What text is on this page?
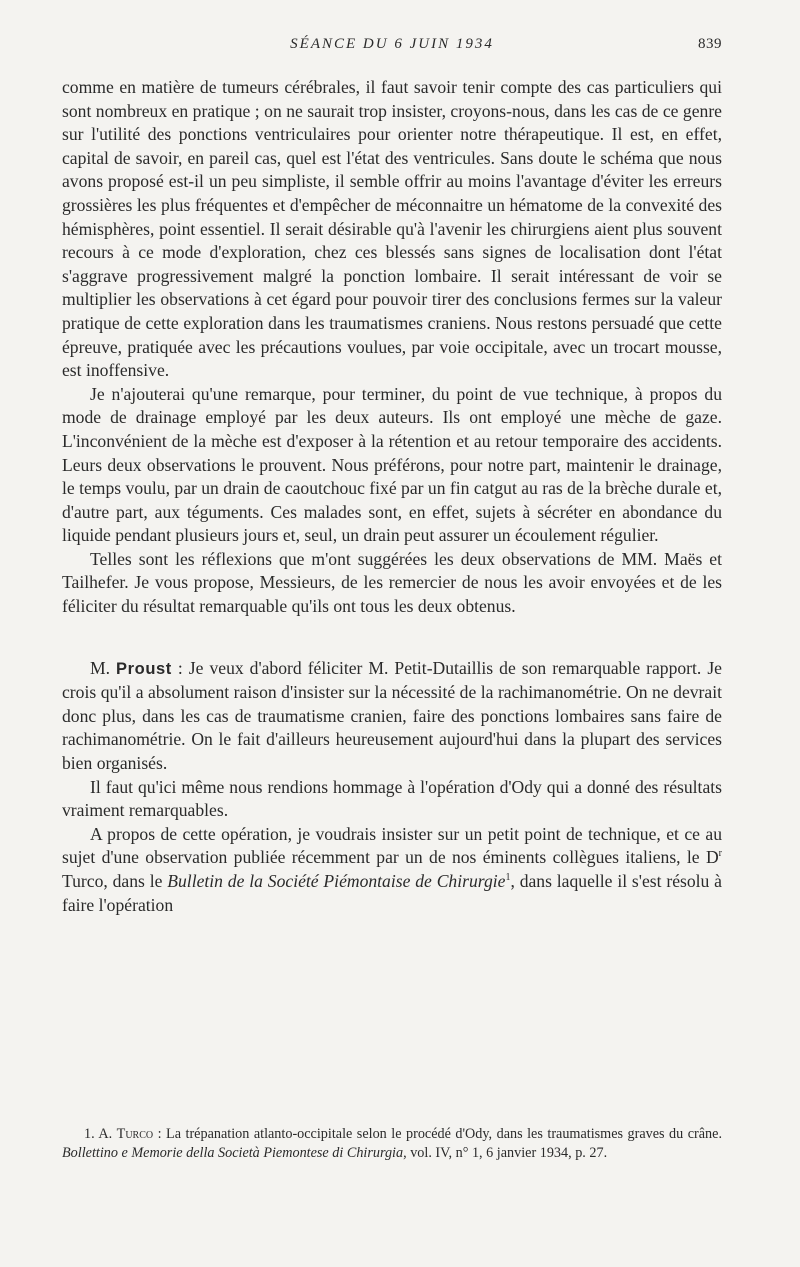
SÉANCE DU 6 JUIN 1934	839

comme en matière de tumeurs cérébrales, il faut savoir tenir compte des cas particuliers qui sont nombreux en pratique ; on ne saurait trop insister, croyons-nous, dans les cas de ce genre sur l'utilité des ponctions ventriculaires pour orienter notre thérapeutique. Il est, en effet, capital de savoir, en pareil cas, quel est l'état des ventricules. Sans doute le schéma que nous avons proposé est-il un peu simpliste, il semble offrir au moins l'avantage d'éviter les erreurs grossières les plus fréquentes et d'empêcher de méconnaitre un hématome de la convexité des hémisphères, point essentiel. Il serait désirable qu'à l'avenir les chirurgiens aient plus souvent recours à ce mode d'exploration, chez ces blessés sans signes de localisation dont l'état s'aggrave progressivement malgré la ponction lombaire. Il serait intéressant de voir se multiplier les observations à cet égard pour pouvoir tirer des conclusions fermes sur la valeur pratique de cette exploration dans les traumatismes craniens. Nous restons persuadé que cette épreuve, pratiquée avec les précautions voulues, par voie occipitale, avec un trocart mousse, est inoffensive.

Je n'ajouterai qu'une remarque, pour terminer, du point de vue technique, à propos du mode de drainage employé par les deux auteurs. Ils ont employé une mèche de gaze. L'inconvénient de la mèche est d'exposer à la rétention et au retour temporaire des accidents. Leurs deux observations le prouvent. Nous préférons, pour notre part, maintenir le drainage, le temps voulu, par un drain de caoutchouc fixé par un fin catgut au ras de la brèche durale et, d'autre part, aux téguments. Ces malades sont, en effet, sujets à sécréter en abondance du liquide pendant plusieurs jours et, seul, un drain peut assurer un écoulement régulier.

Telles sont les réflexions que m'ont suggérées les deux observations de MM. Maës et Tailhefer. Je vous propose, Messieurs, de les remercier de nous les avoir envoyées et de les féliciter du résultat remarquable qu'ils ont tous les deux obtenus.

M. Proust : Je veux d'abord féliciter M. Petit-Dutaillis de son remarquable rapport. Je crois qu'il a absolument raison d'insister sur la nécessité de la rachimanométrie. On ne devrait donc plus, dans les cas de traumatisme cranien, faire des ponctions lombaires sans faire de rachimanométrie. On le fait d'ailleurs heureusement aujourd'hui dans la plupart des services bien organisés.

Il faut qu'ici même nous rendions hommage à l'opération d'Ody qui a donné des résultats vraiment remarquables.

A propos de cette opération, je voudrais insister sur un petit point de technique, et ce au sujet d'une observation publiée récemment par un de nos éminents collègues italiens, le $D^r$ Turco, dans le Bulletin de la Société Piémontaise de Chirurgie$^1$, dans laquelle il s'est résolu à faire l'opération

1. A. Turco : La trépanation atlanto-occipitale selon le procédé d'Ody, dans les traumatismes graves du crâne. Bollettino e Memorie della Società Piemontese di Chirurgia, vol. IV, n° 1, 6 janvier 1934, p. 27.
